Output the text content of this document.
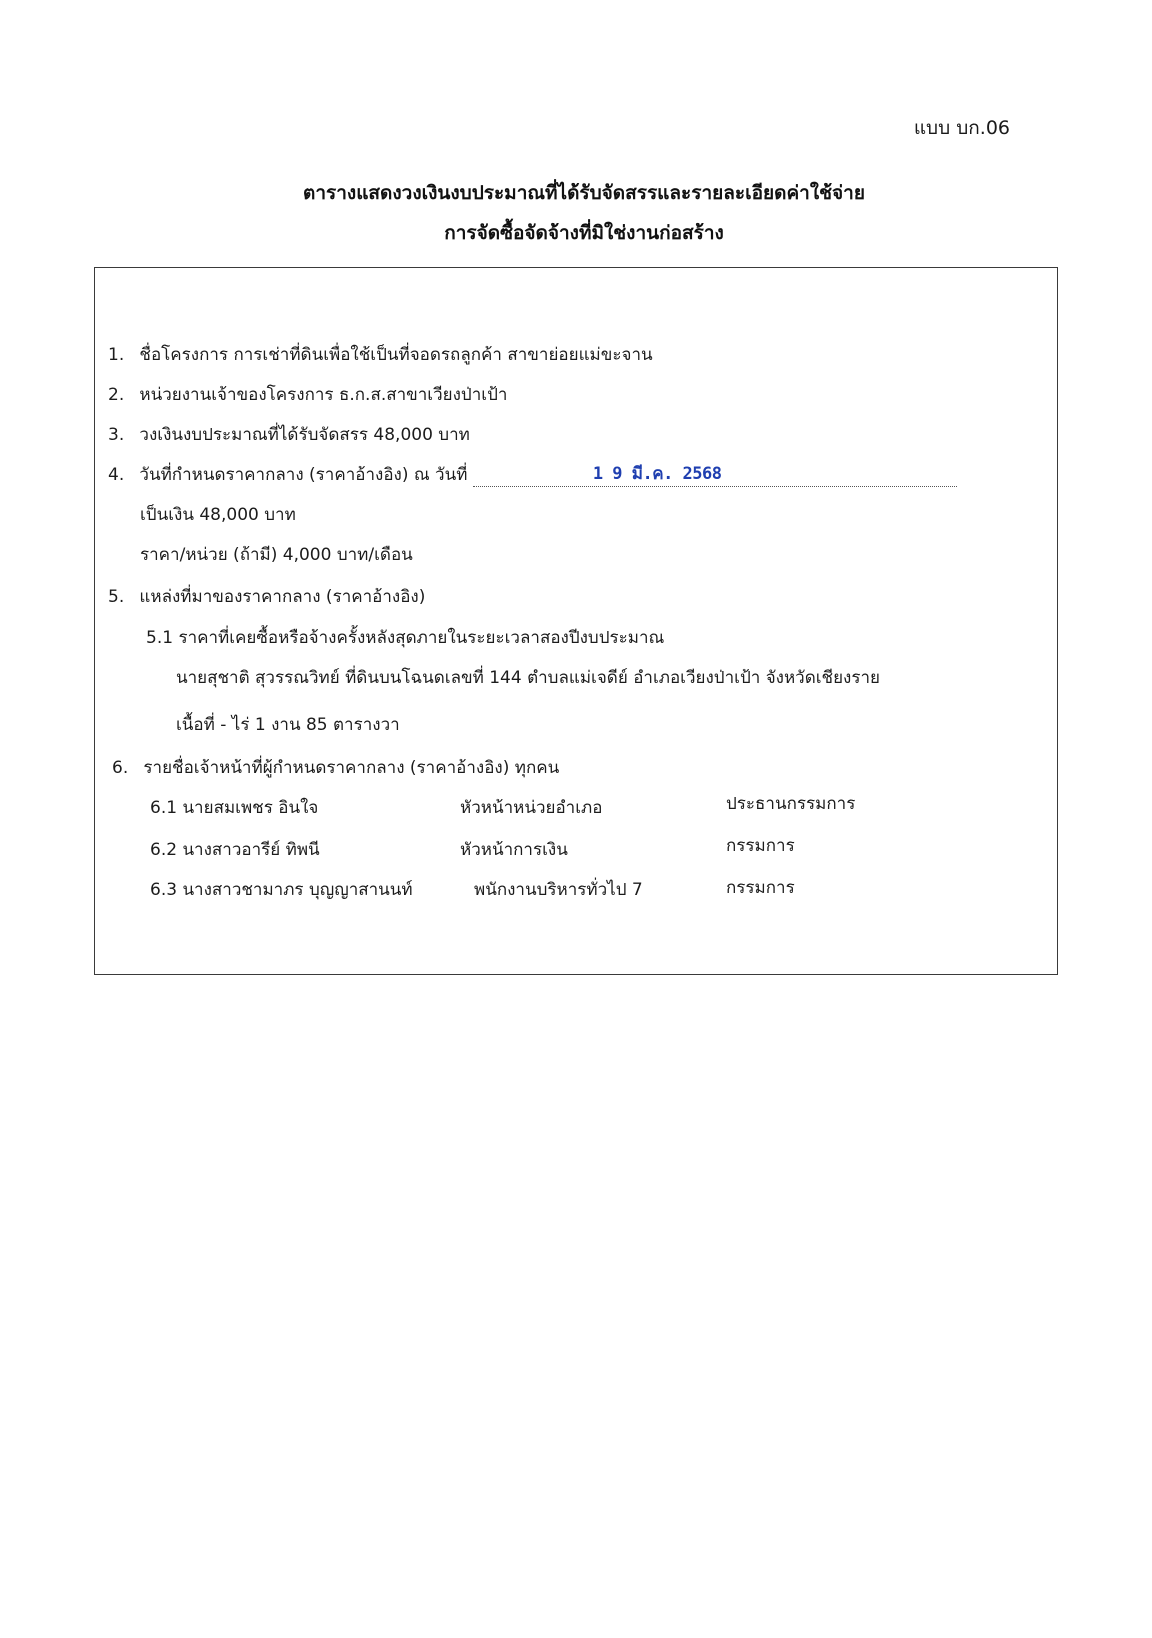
แบบ บก.06
ตารางแสดงวงเงินงบประมาณที่ได้รับจัดสรรและรายละเอียดค่าใช้จ่าย
การจัดซื้อจัดจ้างที่มิใช่งานก่อสร้าง
1. ชื่อโครงการ การเช่าที่ดินเพื่อใช้เป็นที่จอดรถลูกค้า สาขาย่อยแม่ขะจาน
2. หน่วยงานเจ้าของโครงการ ธ.ก.ส.สาขาเวียงป่าเป้า
3. วงเงินงบประมาณที่ได้รับจัดสรร 48,000 บาท
4. วันที่กำหนดราคากลาง (ราคาอ้างอิง) ณ วันที่	1 9 มี.ค. 2568
เป็นเงิน 48,000 บาท
ราคา/หน่วย (ถ้ามี) 4,000 บาท/เดือน
5. แหล่งที่มาของราคากลาง (ราคาอ้างอิง)
5.1 ราคาที่เคยซื้อหรือจ้างครั้งหลังสุดภายในระยะเวลาสองปีงบประมาณ
นายสุชาติ สุวรรณวิทย์ ที่ดินบนโฉนดเลขที่ 144 ตำบลแม่เจดีย์ อำเภอเวียงป่าเป้า จังหวัดเชียงราย
เนื้อที่ - ไร่ 1 งาน 85 ตารางวา
6. รายชื่อเจ้าหน้าที่ผู้กำหนดราคากลาง (ราคาอ้างอิง) ทุกคน
6.1 นายสมเพชร อินใจ	หัวหน้าหน่วยอำเภอ	ประธานกรรมการ
6.2 นางสาวอารีย์ ทิพนี	หัวหน้าการเงิน	กรรมการ
6.3 นางสาวชามาภร บุญญาสานนท์	พนักงานบริหารทั่วไป 7	กรรมการ
